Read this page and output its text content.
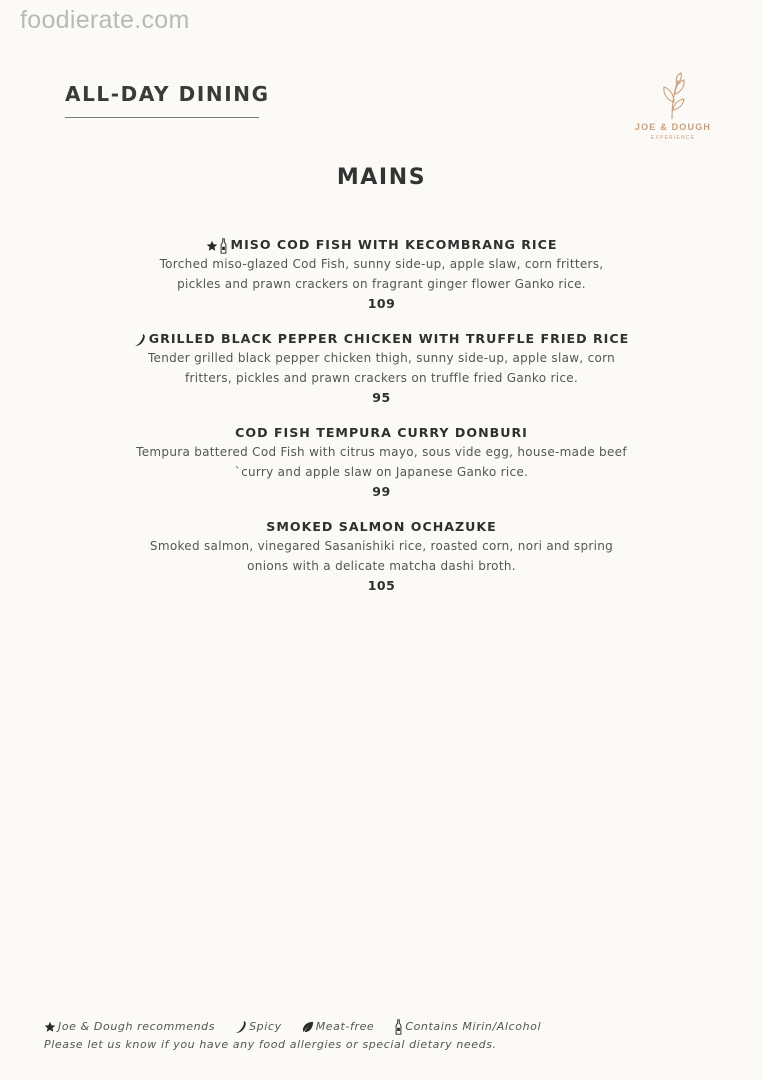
foodierate.com
ALL-DAY DINING
JOE & DOUGH
EXPERIENCE
MAINS
MISO COD FISH WITH KECOMBRANG RICE
Torched miso-glazed Cod Fish, sunny side-up, apple slaw, corn fritters, pickles and prawn crackers on fragrant ginger flower Ganko rice.
109
GRILLED BLACK PEPPER CHICKEN WITH TRUFFLE FRIED RICE
Tender grilled black pepper chicken thigh, sunny side-up, apple slaw, corn fritters, pickles and prawn crackers on truffle fried Ganko rice.
95
COD FISH TEMPURA CURRY DONBURI
Tempura battered Cod Fish with citrus mayo, sous vide egg, house-made beef `curry and apple slaw on Japanese Ganko rice.
99
SMOKED SALMON OCHAZUKE
Smoked salmon, vinegared Sasanishiki rice, roasted corn, nori and spring onions with a delicate matcha dashi broth.
105
Joe & Dough recommends	Spicy	Meat-free	Contains Mirin/Alcohol
Please let us know if you have any food allergies or special dietary needs.
